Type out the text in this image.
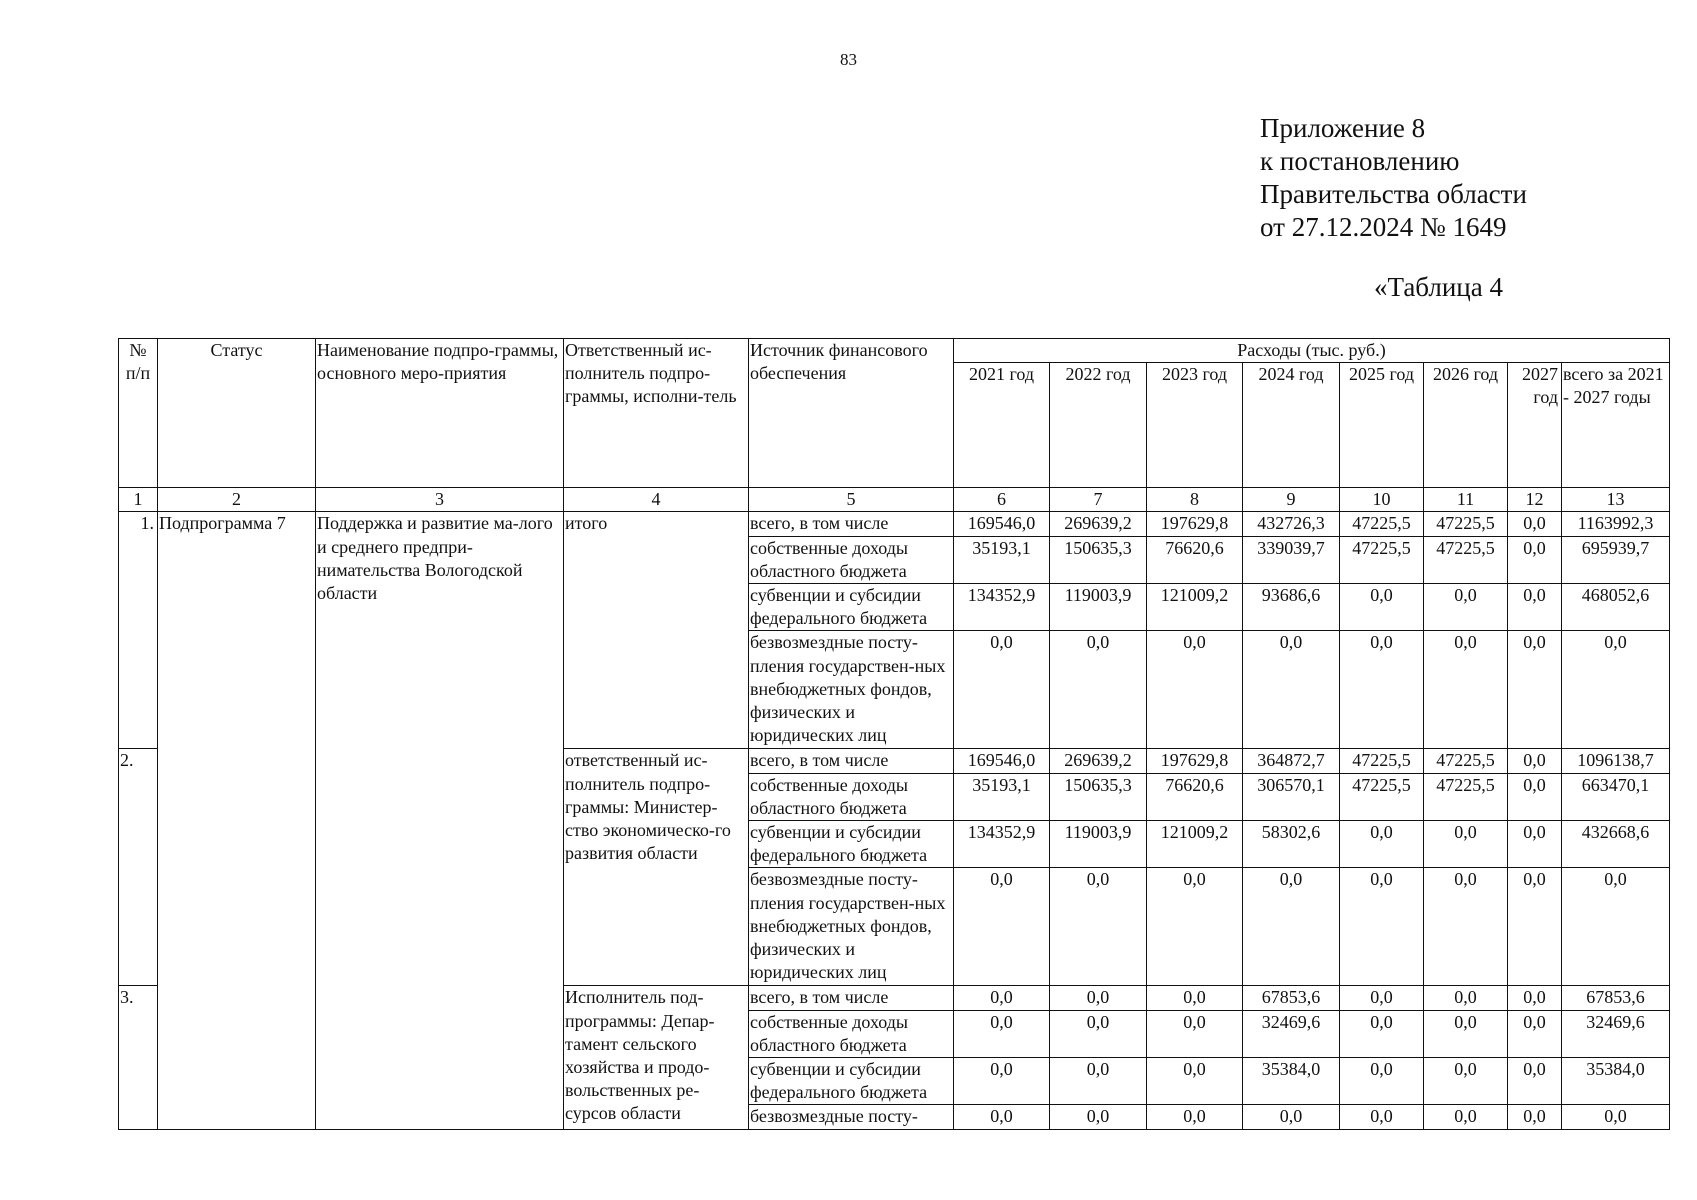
83
Приложение 8
к постановлению
Правительства области
от 27.12.2024 № 1649
«Таблица 4
№ п/п	Статус	Наименование подпро-граммы, основного меро-приятия	Ответственный ис-полнитель подпро-граммы, исполни-тель	Источник финансового обеспечения	Расходы (тыс. руб.)							
					2021 год	2022 год	2023 год	2024 год	2025 год	2026 год	2027 год	всего за 2021 - 2027 годы
1	2	3	4	5	6	7	8	9	10	11	12	13
1.	Подпрограмма 7	Поддержка и развитие ма-лого и среднего предпри-нимательства Вологодской области	итого	всего, в том числе	169546,0	269639,2	197629,8	432726,3	47225,5	47225,5	0,0	1163992,3
				собственные доходы областного бюджета	35193,1	150635,3	76620,6	339039,7	47225,5	47225,5	0,0	695939,7
				субвенции и субсидии федерального бюджета	134352,9	119003,9	121009,2	93686,6	0,0	0,0	0,0	468052,6
				безвозмездные посту-пления государствен-ных внебюджетных фондов, физических и юридических лиц	0,0	0,0	0,0	0,0	0,0	0,0	0,0	0,0
2.			ответственный ис-полнитель подпро-граммы: Министер-ство экономическо-го развития области	всего, в том числе	169546,0	269639,2	197629,8	364872,7	47225,5	47225,5	0,0	1096138,7
				собственные доходы областного бюджета	35193,1	150635,3	76620,6	306570,1	47225,5	47225,5	0,0	663470,1
				субвенции и субсидии федерального бюджета	134352,9	119003,9	121009,2	58302,6	0,0	0,0	0,0	432668,6
				безвозмездные посту-пления государствен-ных внебюджетных фондов, физических и юридических лиц	0,0	0,0	0,0	0,0	0,0	0,0	0,0	0,0
3.			Исполнитель под-программы: Депар-тамент сельского хозяйства и продо-вольственных ре-сурсов области	всего, в том числе	0,0	0,0	0,0	67853,6	0,0	0,0	0,0	67853,6
				собственные доходы областного бюджета	0,0	0,0	0,0	32469,6	0,0	0,0	0,0	32469,6
				субвенции и субсидии федерального бюджета	0,0	0,0	0,0	35384,0	0,0	0,0	0,0	35384,0
				безвозмездные посту-	0,0	0,0	0,0	0,0	0,0	0,0	0,0	0,0
